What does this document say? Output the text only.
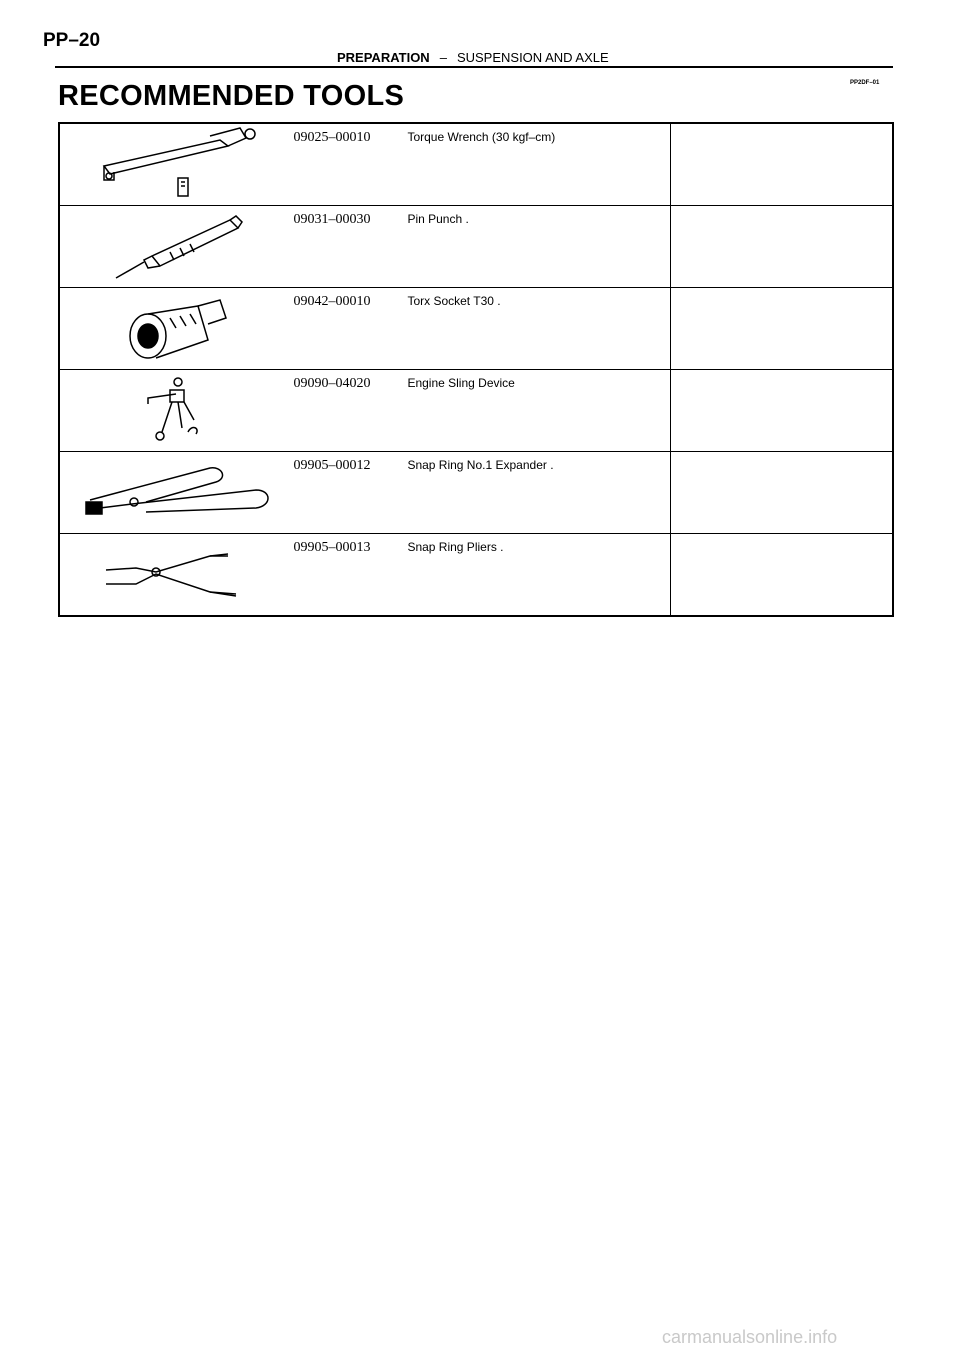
PP–20
PREPARATION – SUSPENSION AND AXLE
PP2DF–01
RECOMMENDED TOOLS

09025–00010 Torque Wrench (30 kgf–cm)	

09031–00030 Pin Punch .	

09042–00010 Torx Socket T30 .	

09090–04020 Engine Sling Device	

09905–00012 Snap Ring No.1 Expander .	

09905–00013 Snap Ring Pliers .	

carmanualsonline.info
